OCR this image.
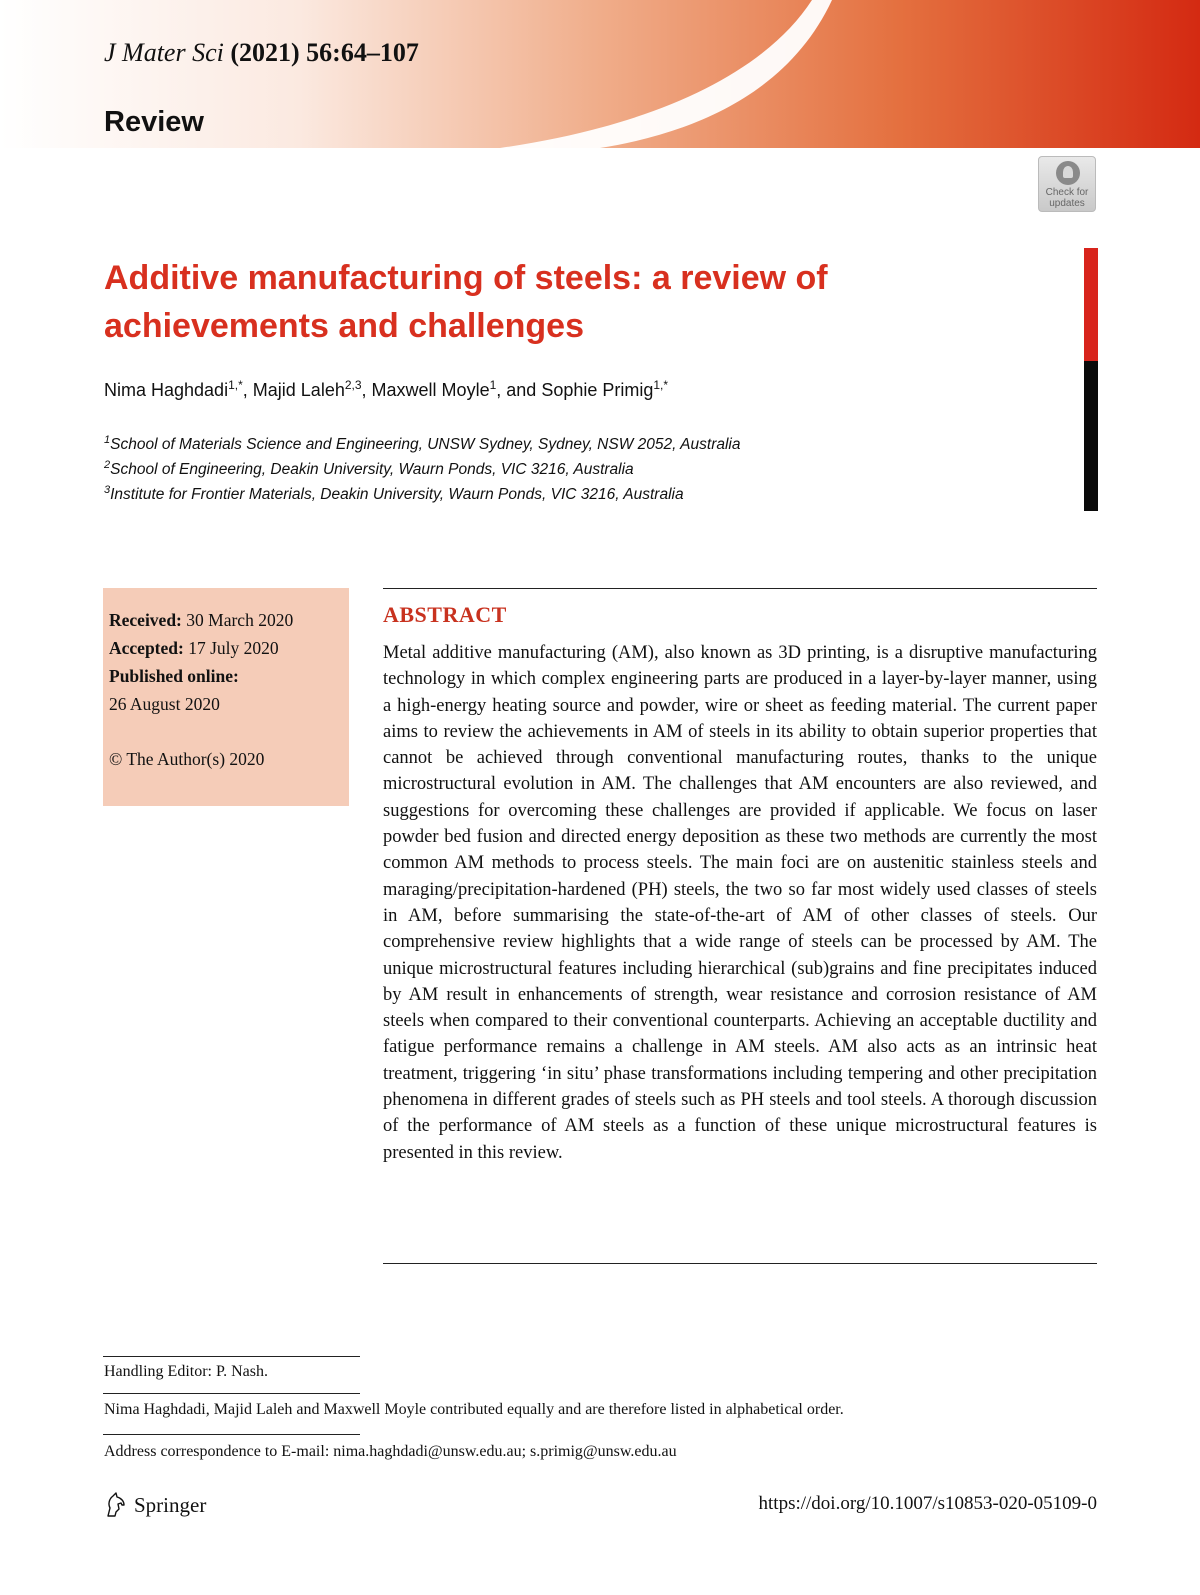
J Mater Sci (2021) 56:64–107
Review
Check for updates
Additive manufacturing of steels: a review of achievements and challenges
Nima Haghdadi$^{1,*}$, Majid Laleh$^{2,3}$, Maxwell Moyle$^1$, and Sophie Primig$^{1,*}$
$^1$School of Materials Science and Engineering, UNSW Sydney, Sydney, NSW 2052, Australia
$^2$School of Engineering, Deakin University, Waurn Ponds, VIC 3216, Australia
$^3$Institute for Frontier Materials, Deakin University, Waurn Ponds, VIC 3216, Australia
Received: 30 March 2020
Accepted: 17 July 2020
Published online:
26 August 2020
© The Author(s) 2020
ABSTRACT

Metal additive manufacturing (AM), also known as 3D printing, is a disruptive manufacturing technology in which complex engineering parts are produced in a layer-by-layer manner, using a high-energy heating source and powder, wire or sheet as feeding material. The current paper aims to review the achievements in AM of steels in its ability to obtain superior properties that cannot be achieved through conventional manufacturing routes, thanks to the unique microstructural evolution in AM. The challenges that AM encounters are also reviewed, and suggestions for overcoming these challenges are provided if applicable. We focus on laser powder bed fusion and directed energy deposition as these two methods are currently the most common AM methods to process steels. The main foci are on austenitic stainless steels and maraging/precipitation-hardened (PH) steels, the two so far most widely used classes of steels in AM, before summarising the state-of-the-art of AM of other classes of steels. Our comprehensive review highlights that a wide range of steels can be processed by AM. The unique microstructural features including hierarchical (sub)grains and fine precipitates induced by AM result in enhancements of strength, wear resistance and corrosion resistance of AM steels when compared to their conventional counterparts. Achieving an acceptable ductility and fatigue performance remains a challenge in AM steels. AM also acts as an intrinsic heat treatment, triggering ‘in situ’ phase transformations including tempering and other precipitation phenomena in different grades of steels such as PH steels and tool steels. A thorough discussion of the performance of AM steels as a function of these unique microstructural features is presented in this review.

Handling Editor: P. Nash.
Nima Haghdadi, Majid Laleh and Maxwell Moyle contributed equally and are therefore listed in alphabetical order.
Address correspondence to E-mail: nima.haghdadi@unsw.edu.au; s.primig@unsw.edu.au
Springer	https://doi.org/10.1007/s10853-020-05109-0
